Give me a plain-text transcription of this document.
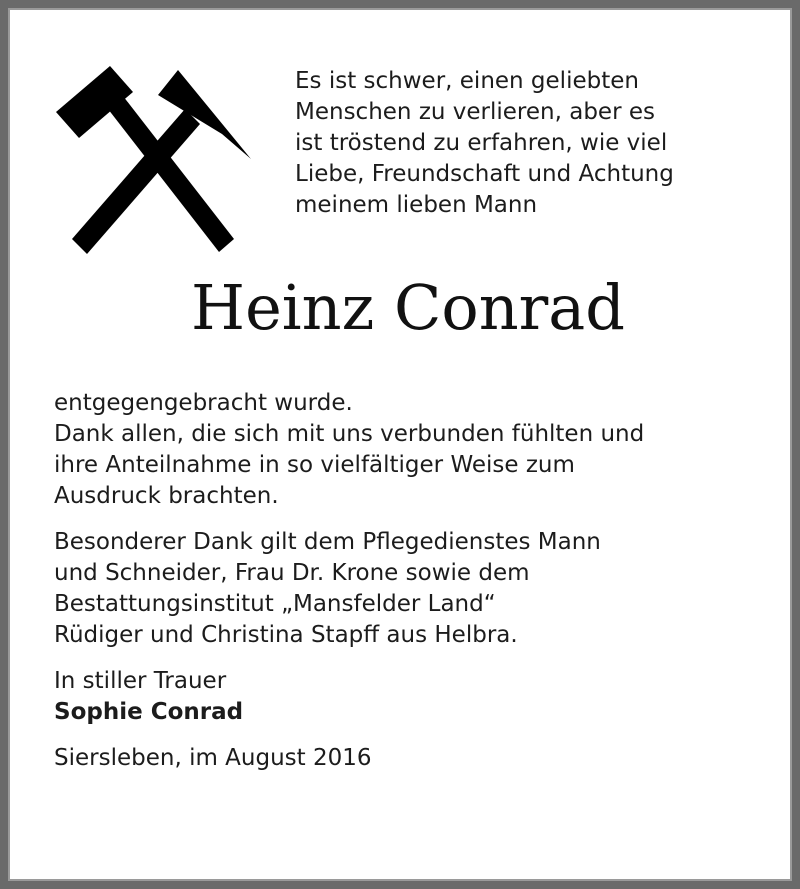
Es ist schwer, einen geliebten
Menschen zu verlieren, aber es
ist tröstend zu erfahren, wie viel
Liebe, Freundschaft und Achtung
meinem lieben Mann
Heinz Conrad
entgegengebracht wurde.
Dank allen, die sich mit uns verbunden fühlten und
ihre Anteilnahme in so vielfältiger Weise zum
Ausdruck brachten.
Besonderer Dank gilt dem Pflegedienstes Mann
und Schneider, Frau Dr. Krone sowie dem
Bestattungsinstitut „Mansfelder Land“
Rüdiger und Christina Stapff aus Helbra.
In stiller Trauer
Sophie Conrad
Siersleben, im August 2016
